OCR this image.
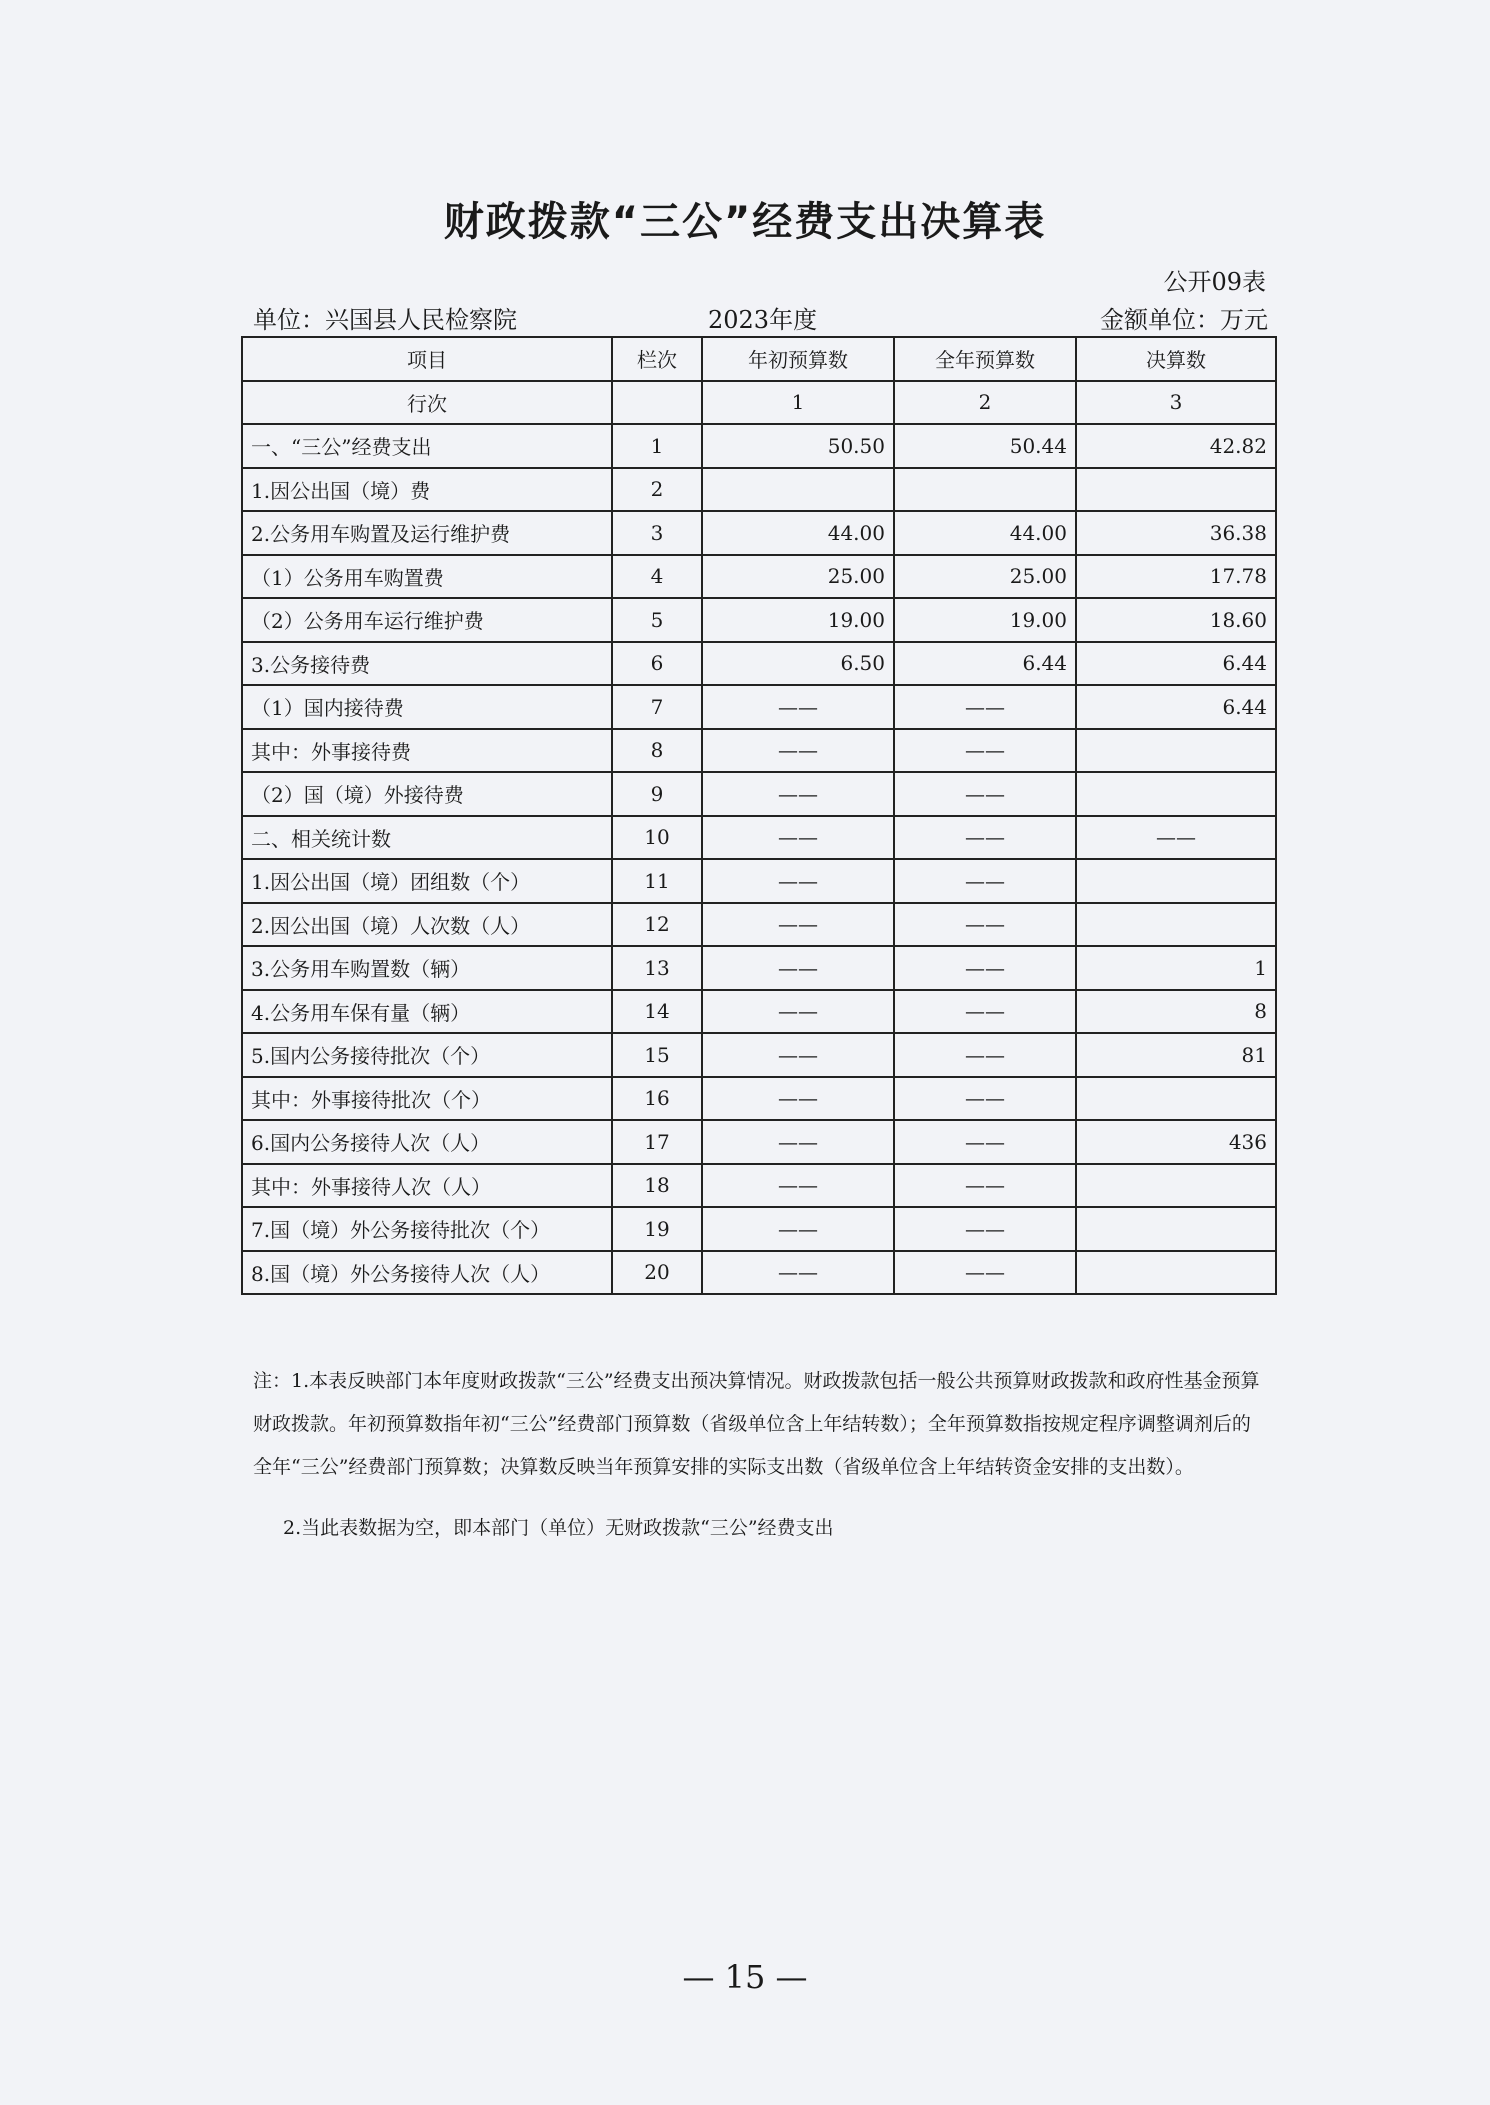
财政拨款“三公”经费支出决算表
公开09表
单位：兴国县人民检察院	2023年度	金额单位：万元
项目	栏次	年初预算数	全年预算数	决算数
行次		1	2	3
一、“三公”经费支出	1	50.50	50.44	42.82
1.因公出国（境）费	2			
2.公务用车购置及运行维护费	3	44.00	44.00	36.38
（1）公务用车购置费	4	25.00	25.00	17.78
（2）公务用车运行维护费	5	19.00	19.00	18.60
3.公务接待费	6	6.50	6.44	6.44
（1）国内接待费	7	——	——	6.44
其中：外事接待费	8	——	——	
（2）国（境）外接待费	9	——	——	
二、相关统计数	10	——	——	——
1.因公出国（境）团组数（个）	11	——	——	
2.因公出国（境）人次数（人）	12	——	——	
3.公务用车购置数（辆）	13	——	——	1
4.公务用车保有量（辆）	14	——	——	8
5.国内公务接待批次（个）	15	——	——	81
其中：外事接待批次（个）	16	——	——	
6.国内公务接待人次（人）	17	——	——	436
其中：外事接待人次（人）	18	——	——	
7.国（境）外公务接待批次（个）	19	——	——	
8.国（境）外公务接待人次（人）	20	——	——	

注：1.本表反映部门本年度财政拨款“三公”经费支出预决算情况。财政拨款包括一般公共预算财政拨款和政府性基金预算财政拨款。年初预算数指年初“三公”经费部门预算数（省级单位含上年结转数）；全年预算数指按规定程序调整调剂后的全年“三公”经费部门预算数；决算数反映当年预算安排的实际支出数（省级单位含上年结转资金安排的支出数）。

2.当此表数据为空，即本部门（单位）无财政拨款“三公”经费支出

— 15 —
